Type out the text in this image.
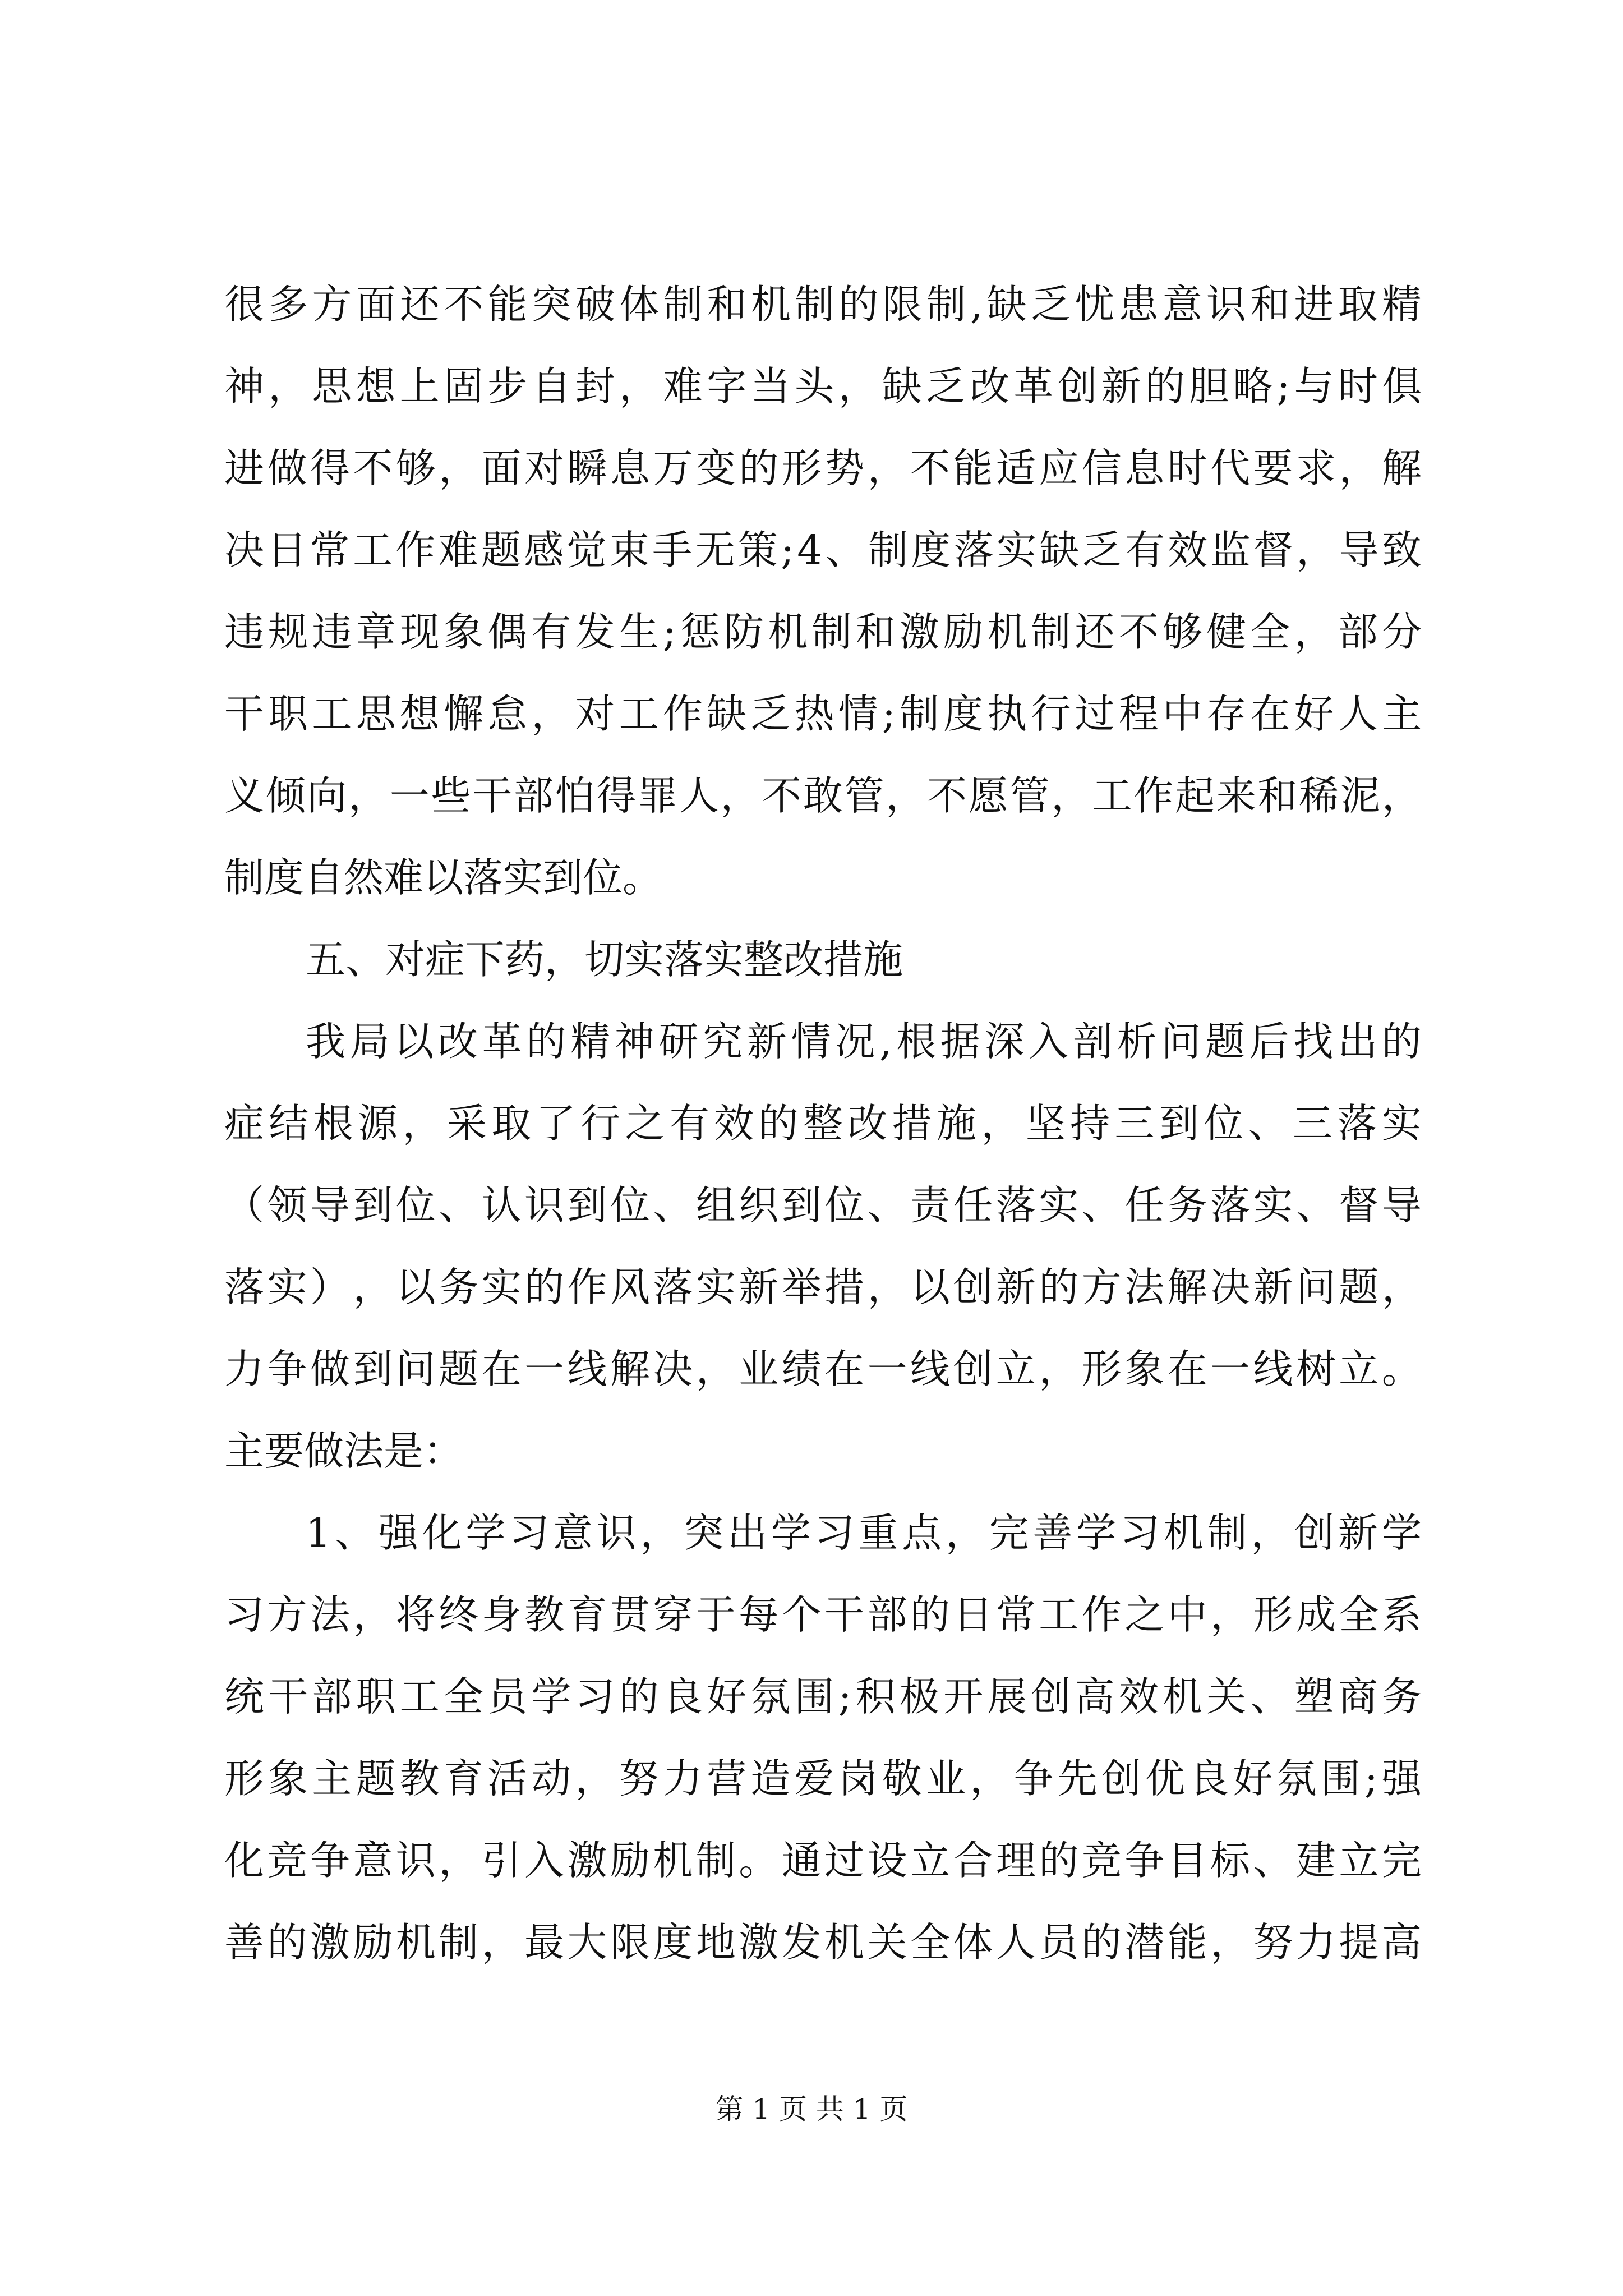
很 多 方 面 还 不 能 突 破 体 制 和 机 制 的 限 制 , 缺 乏 忧 患 意 识 和 进 取 精
神 ， 思 想 上 固 步 自 封 ， 难 字 当 头 ， 缺 乏 改 革 创 新 的 胆 略 ; 与 时 俱
进 做 得 不 够 ， 面 对 瞬 息 万 变 的 形 势 ， 不 能 适 应 信 息 时 代 要 求 ， 解
决 日 常 工 作 难 题 感 觉 束 手 无 策 ; 4 、 制 度 落 实 缺 乏 有 效 监 督 ， 导 致
违 规 违 章 现 象 偶 有 发 生 ; 惩 防 机 制 和 激 励 机 制 还 不 够 健 全 ， 部 分
干 职 工 思 想 懈 怠 ， 对 工 作 缺 乏 热 情 ; 制 度 执 行 过 程 中 存 在 好 人 主
义 倾 向 ， 一 些 干 部 怕 得 罪 人 ， 不 敢 管 ， 不 愿 管 ， 工 作 起 来 和 稀 泥 ，
制度自然难以落实到位。
五、对症下药，切实落实整改措施
我 局 以 改 革 的 精 神 研 究 新 情 况 , 根 据 深 入 剖 析 问 题 后 找 出 的
症 结 根 源 ， 采 取 了 行 之 有 效 的 整 改 措 施 ， 坚 持 三 到 位 、 三 落 实
（ 领 导 到 位 、 认 识 到 位 、 组 织 到 位 、 责 任 落 实 、 任 务 落 实 、 督 导
落 实 ） ， 以 务 实 的 作 风 落 实 新 举 措 ， 以 创 新 的 方 法 解 决 新 问 题 ，
力 争 做 到 问 题 在 一 线 解 决 ， 业 绩 在 一 线 创 立 ， 形 象 在 一 线 树 立 。
主要做法是：
1 、 强 化 学 习 意 识 ， 突 出 学 习 重 点 ， 完 善 学 习 机 制 ， 创 新 学
习 方 法 ， 将 终 身 教 育 贯 穿 于 每 个 干 部 的 日 常 工 作 之 中 ， 形 成 全 系
统 干 部 职 工 全 员 学 习 的 良 好 氛 围 ; 积 极 开 展 创 高 效 机 关 、 塑 商 务
形 象 主 题 教 育 活 动 ， 努 力 营 造 爱 岗 敬 业 ， 争 先 创 优 良 好 氛 围 ; 强
化 竞 争 意 识 ， 引 入 激 励 机 制 。 通 过 设 立 合 理 的 竞 争 目 标 、 建 立 完
善 的 激 励 机 制 ， 最 大 限 度 地 激 发 机 关 全 体 人 员 的 潜 能 ， 努 力 提 高
第 1 页 共 1 页
